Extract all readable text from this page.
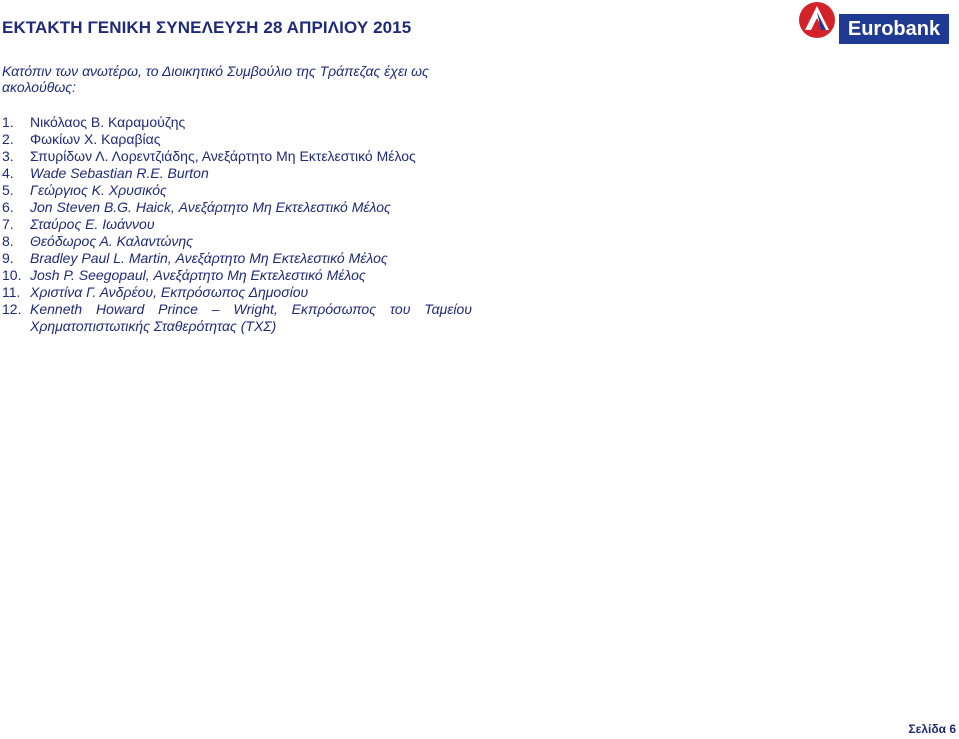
ΕΚΤΑΚΤΗ ΓΕΝΙΚΗ ΣΥΝΕΛΕΥΣΗ 28 ΑΠΡΙΛΙΟΥ 2015	Eurobank
Κατόπιν των ανωτέρω, το Διοικητικό Συμβούλιο της Τράπεζας έχει ως ακολούθως:
1.	Νικόλαος Β. Καραμούζης
2.	Φωκίων Χ. Καραβίας
3.	Σπυρίδων Λ. Λορεντζιάδης, Ανεξάρτητο Μη Εκτελεστικό Μέλος
4.	Wade Sebastian R.E. Burton
5.	Γεώργιος Κ. Χρυσικός
6.	Jon Steven B.G. Haick, Ανεξάρτητο Μη Εκτελεστικό Μέλος
7.	Σταύρος Ε. Ιωάννου
8.	Θεόδωρος Α. Καλαντώνης
9.	Bradley Paul L. Martin, Ανεξάρτητο Μη Εκτελεστικό Μέλος
10. Josh P. Seegopaul, Ανεξάρτητο Μη Εκτελεστικό Μέλος
11. Χριστίνα Γ. Ανδρέου, Εκπρόσωπος Δημοσίου
12. Kenneth Howard Prince – Wright, Εκπρόσωπος του Ταμείου Χρηματοπιστωτικής Σταθερότητας (ΤΧΣ)
Σελίδα 6
